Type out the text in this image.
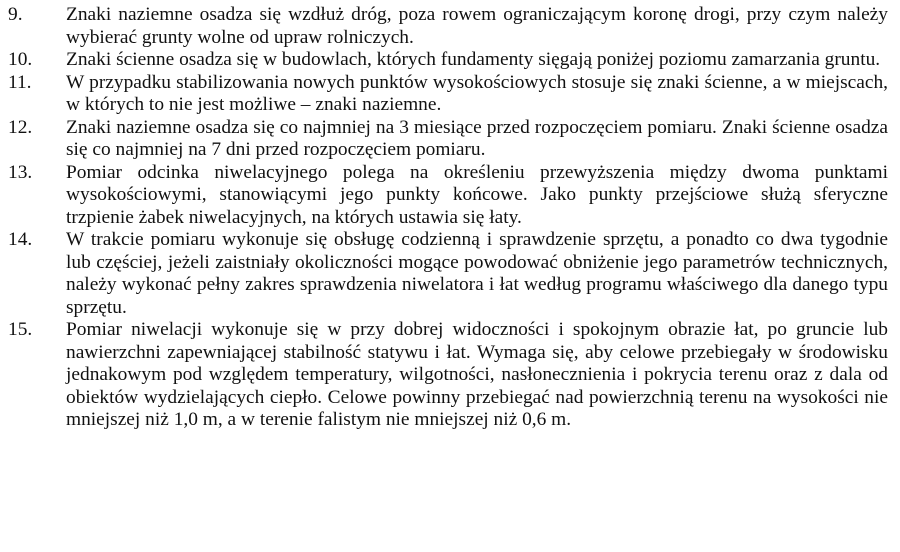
9.	Znaki naziemne osadza się wzdłuż dróg, poza rowem ograniczającym koronę drogi, przy czym należy wybierać grunty wolne od upraw rolniczych.
10.	Znaki ścienne osadza się w budowlach, których fundamenty sięgają poniżej poziomu zamarzania gruntu.
11.	W przypadku stabilizowania nowych punktów wysokościowych stosuje się znaki ścienne, a w miejscach, w których to nie jest możliwe – znaki naziemne.
12.	Znaki naziemne osadza się co najmniej na 3 miesiące przed rozpoczęciem pomiaru. Znaki ścienne osadza się co najmniej na 7 dni przed rozpoczęciem pomiaru.
13.	Pomiar odcinka niwelacyjnego polega na określeniu przewyższenia między dwoma punktami wysokościowymi, stanowiącymi jego punkty końcowe. Jako punkty przejściowe służą sferyczne trzpienie żabek niwelacyjnych, na których ustawia się łaty.
14.	W trakcie pomiaru wykonuje się obsługę codzienną i sprawdzenie sprzętu, a ponadto co dwa tygodnie lub częściej, jeżeli zaistniały okoliczności mogące powodować obniżenie jego parametrów technicznych, należy wykonać pełny zakres sprawdzenia niwelatora i łat według programu właściwego dla danego typu sprzętu.
15.	Pomiar niwelacji wykonuje się w przy dobrej widoczności i spokojnym obrazie łat, po gruncie lub nawierzchni zapewniającej stabilność statywu i łat. Wymaga się, aby celowe przebiegały w środowisku jednakowym pod względem temperatury, wilgotności, nasłonecznienia i pokrycia terenu oraz z dala od obiektów wydzielających ciepło. Celowe powinny przebiegać nad powierzchnią terenu na wysokości nie mniejszej niż 1,0 m, a w terenie falistym nie mniejszej niż 0,6 m.
